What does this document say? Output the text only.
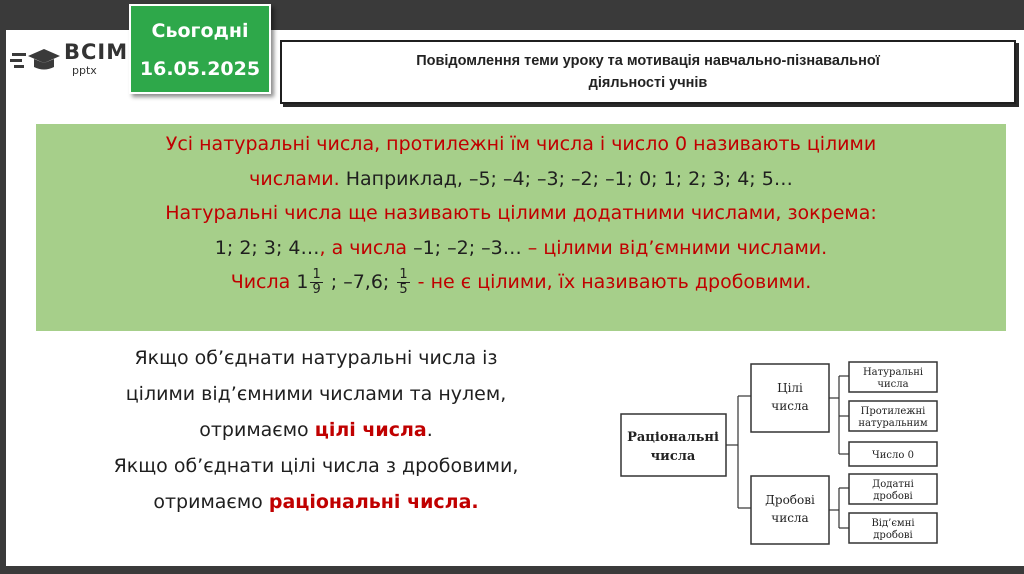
ВСІМ
pptx
Сьогодні
16.05.2025	Повідомлення теми уроку та мотивація навчально-пізнавальної
діяльності учнів
Усі натуральні числа, протилежні їм числа і число 0 називають цілими
числами. Наприклад, –5; –4; –3; –2; –1; 0; 1; 2; 3; 4; 5…
Натуральні числа ще називають цілими додатними числами, зокрема:
1; 2; 3; 4…, а числа –1; –2; –3… – цілими від’ємними числами.
Числа $1 \frac{1}{9}$ ; –7,6; $\frac{1}{5}$ - не є цілими, їх називають дробовими.
Якщо об’єднати натуральні числа із
цілими від’ємними числами та нулем,
отримаємо цілі числа.
Якщо об’єднати цілі числа з дробовими,
отримаємо раціональні числа.
Раціональні
числа
Цілі
числа
Дробові
числа
Натуральні
числа
Протилежні
натуральним
Число 0
Додатні
дробові
Від’ємні
дробові
